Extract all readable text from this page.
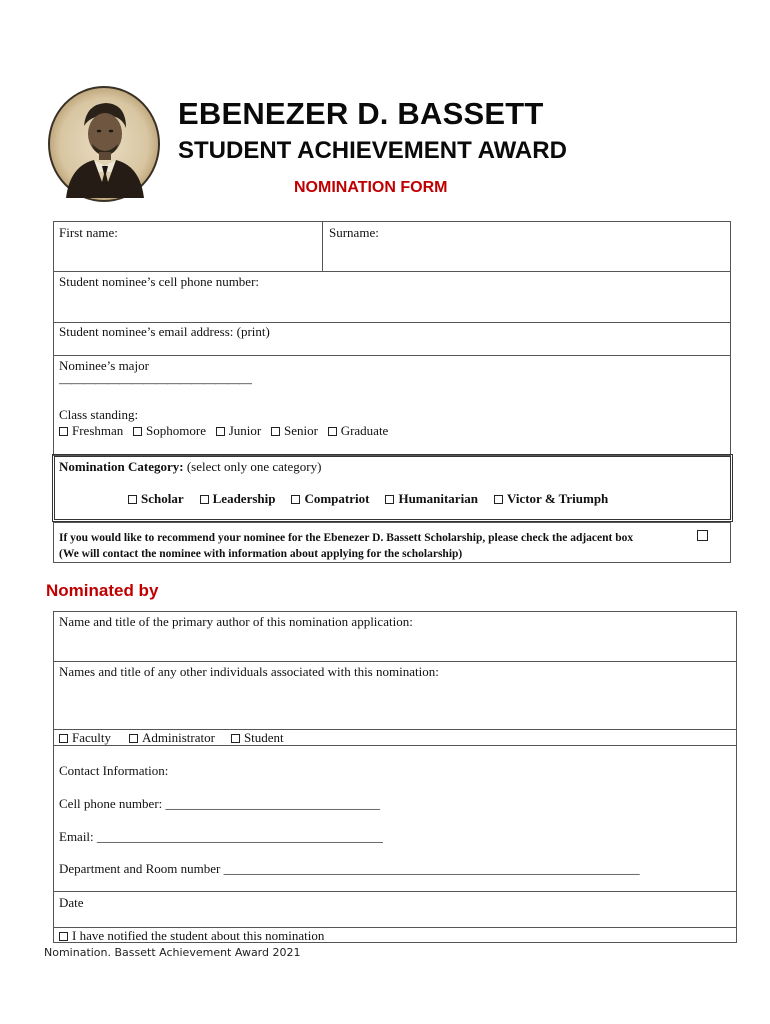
EBENEZER D. BASSETT
STUDENT ACHIEVEMENT AWARD
NOMINATION FORM
First name:	Surname:
Student nominee’s cell phone number:
Student nominee’s email address: (print)
Nominee’s major
————————————————
Class standing:
Freshman Sophomore Junior Senior Graduate
Nomination Category: (select only one category)
Scholar Leadership Compatriot Humanitarian Victor & Triumph
If you would like to recommend your nominee for the Ebenezer D. Bassett Scholarship, please check the adjacent box
(We will contact the nominee with information about applying for the scholarship)
Nominated by
Name and title of the primary author of this nomination application:
Names and title of any other individuals associated with this nomination:
Faculty Administrator Student
Contact Information:
Cell phone number: _________________________________
Email: ____________________________________________
Department and Room number ________________________________________________________________
Date
I have notified the student about this nomination
Nomination. Bassett Achievement Award 2021
